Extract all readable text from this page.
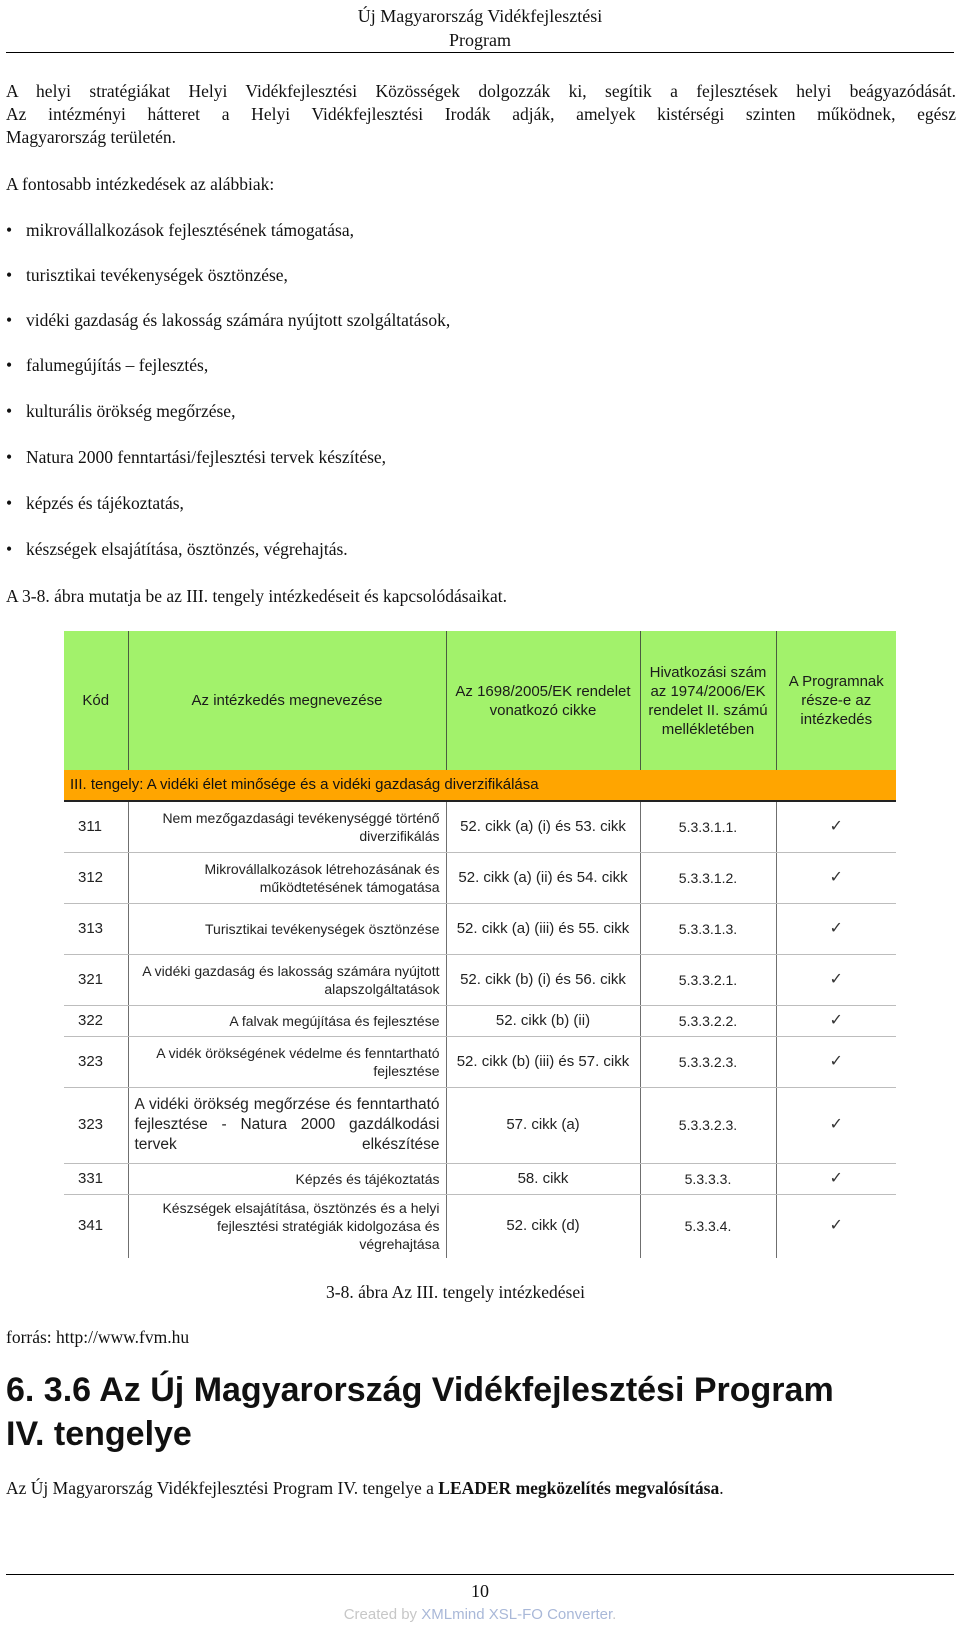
Új Magyarország Vidékfejlesztési
Program
A helyi stratégiákat Helyi Vidékfejlesztési Közösségek dolgozzák ki, segítik a fejlesztések helyi beágyazódását.
Az intézményi hátteret a Helyi Vidékfejlesztési Irodák adják, amelyek kistérségi szinten működnek, egész
Magyarország területén.
A fontosabb intézkedések az alábbiak:
• mikrovállalkozások fejlesztésének támogatása,
• turisztikai tevékenységek ösztönzése,
• vidéki gazdaság és lakosság számára nyújtott szolgáltatások,
• falumegújítás – fejlesztés,
• kulturális örökség megőrzése,
• Natura 2000 fenntartási/fejlesztési tervek készítése,
• képzés és tájékoztatás,
• készségek elsajátítása, ösztönzés, végrehajtás.
A 3-8. ábra mutatja be az III. tengely intézkedéseit és kapcsolódásaikat.
Kód	Az intézkedés megnevezése	Az 1698/2005/EK rendelet vonatkozó cikke	Hivatkozási szám az 1974/2006/EK rendelet II. számú mellékletében	A Programnak része-e az intézkedés
III. tengely: A vidéki élet minősége és a vidéki gazdaság diverzifikálása				
311	Nem mezőgazdasági tevékenységgé történő diverzifikálás	52. cikk (a) (i) és 53. cikk	5.3.3.1.1.	✓
312	Mikrovállalkozások létrehozásának és működtetésének támogatása	52. cikk (a) (ii) és 54. cikk	5.3.3.1.2.	✓
313	Turisztikai tevékenységek ösztönzése	52. cikk (a) (iii) és 55. cikk	5.3.3.1.3.	✓
321	A vidéki gazdaság és lakosság számára nyújtott alapszolgáltatások	52. cikk (b) (i) és 56. cikk	5.3.3.2.1.	✓
322	A falvak megújítása és fejlesztése	52. cikk (b) (ii)	5.3.3.2.2.	✓
323	A vidék örökségének védelme és fenntartható fejlesztése	52. cikk (b) (iii) és 57. cikk	5.3.3.2.3.	✓
323	A vidéki örökség megőrzése és fenntartható fejlesztése - Natura 2000 gazdálkodási tervek elkészítése	57. cikk (a)	5.3.3.2.3.	✓
331	Képzés és tájékoztatás	58. cikk	5.3.3.3.	✓
341	Készségek elsajátítása, ösztönzés és a helyi fejlesztési stratégiák kidolgozása és végrehajtása	52. cikk (d)	5.3.3.4.	✓
3-8. ábra Az III. tengely intézkedései
forrás: http://www.fvm.hu
6. 3.6 Az Új Magyarország Vidékfejlesztési Program
IV. tengelye
Az Új Magyarország Vidékfejlesztési Program IV. tengelye a LEADER megközelítés megvalósítása.
10
Created by XMLmind XSL-FO Converter.
